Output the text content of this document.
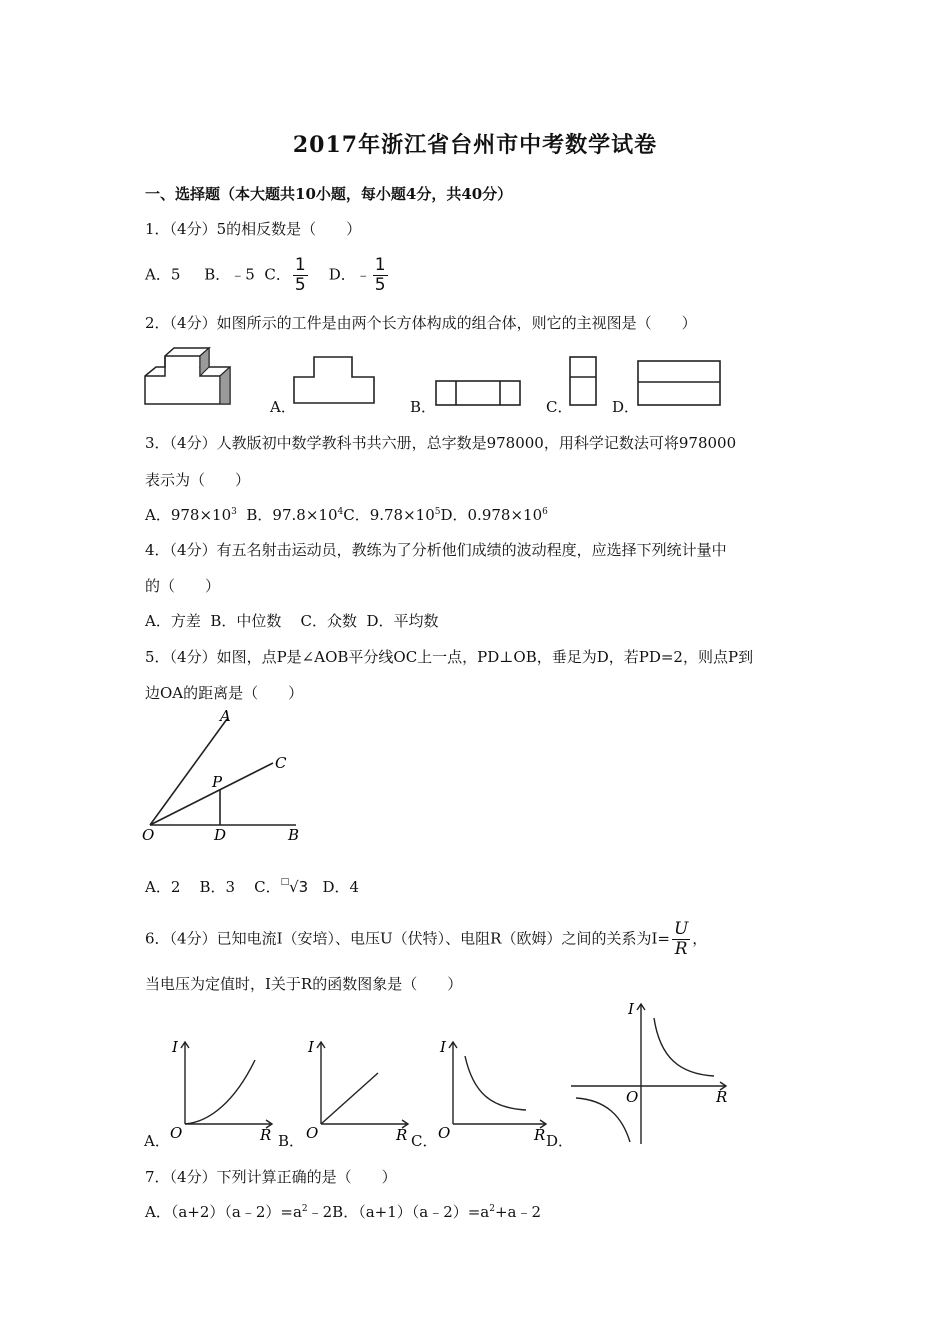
2017年浙江省台州市中考数学试卷
一、选择题（本大题共10小题，每小题4分，共40分）
1．（4分）5的相反数是（　　）
A．5 B．﹣5 C． $\frac{1}{5}$ D．﹣ $\frac{1}{5}$
2．（4分）如图所示的工件是由两个长方体构成的组合体，则它的主视图是（　　）
A．	B．	C．	D．
3．（4分）人教版初中数学教科书共六册，总字数是978000，用科学记数法可将978000
表示为（　　）
A．$978\times 10^3$ B．$97.8\times 10^4C$．$9.78\times 10^5D$．$0.978\times 10^6$
4．（4分）有五名射击运动员，教练为了分析他们成绩的波动程度，应选择下列统计量中
的（　　）
A．方差  B．中位数    C．众数  D．平均数
5．（4分）如图，点P是∠AOB平分线OC上一点，PD⊥OB，垂足为D，若PD=2，则点P到
边OA的距离是（　　）
A
C
P
O	D	B
A．2    B．3    C．□√3 D．4
6．（4分）已知电流I（安培）、电压U（伏特）、电阻R（欧姆）之间的关系为$I= \frac{U}{R}$ ，
当电压为定值时，I关于R的函数图象是（　　）
A．
I
R
O	B．
I
R
O	C．
I
R
O	D．
I
R
O
7．（4分）下列计算正确的是（　　）
A．$(a+2)(a﹣2)=a^2﹣2B$．$(a+1)(a﹣2)=a^2+a﹣2$
